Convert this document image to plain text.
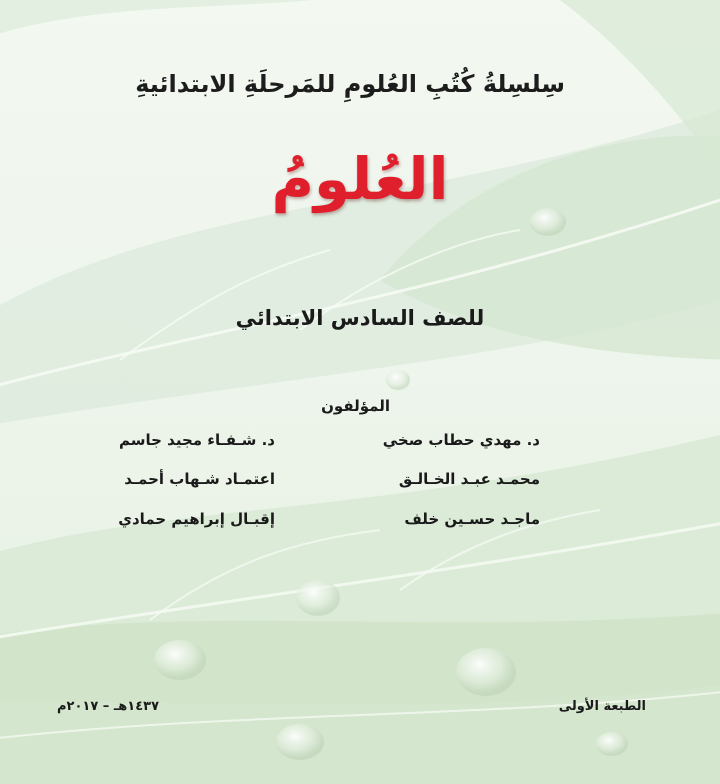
سِلسِلةُ كُتُبِ العُلومِ للمَرحلَةِ الابتدائيةِ
العُلومُ
للصف السادس الابتدائي
المؤلفون
د. مهدي حطاب صخي
د. شـفـاء مجيد جاسم
محمـد عبـد الخـالـق
اعتمـاد شـهاب أحمـد
ماجـد حسـين خلف
إقبـال إبراهيم حمادي
الطبعة الأولى
١٤٣٧هـ – ٢٠١٧م
